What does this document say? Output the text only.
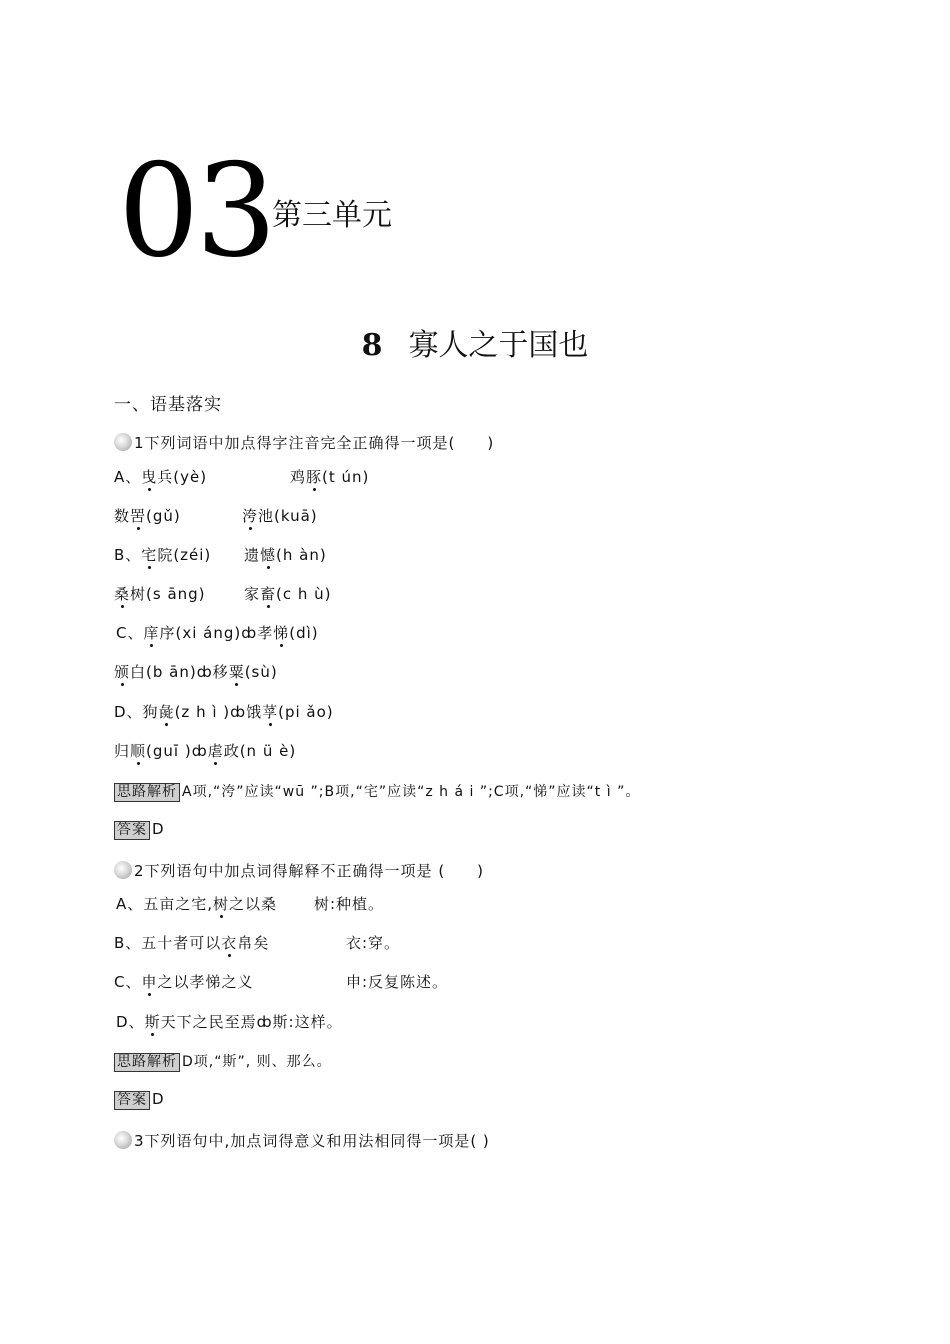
03 第三单元
8 寡人之于国也
一、语基落实
1下列词语中加点得字注音完全正确得一项是(　　)
A、曳兵(yè)	鸡豚(t ún)
数罟(gǔ)	洿池(kuā)
B、宅院(zéi) 遗憾(h àn)
桑树(s āng)	家畜(c h ù)
C、庠序(xi áng)ȸ孝悌(dì)
颁白(b ān)ȸ移粟(sù)
D、狗彘(z h ì )ȸ饿莩(pi ǎo)
归顺(guī )ȸ虐政(n ü è)
思路解析 A项,“洿”应读“wū ”;B项,“宅”应读“z h á i ”;C项,“悌”应读“t ì ”。
答案 D
2下列语句中加点词得解释不正确得一项是 (　　)
A、五亩之宅,树之以桑 树:种植。
B、五十者可以衣帛矣	衣:穿。
C、申之以孝悌之义	申:反复陈述。
D、斯天下之民至焉ȸ斯:这样。
思路解析 D项,“斯”, 则、那么。
答案 D
3下列语句中,加点词得意义和用法相同得一项是( )
